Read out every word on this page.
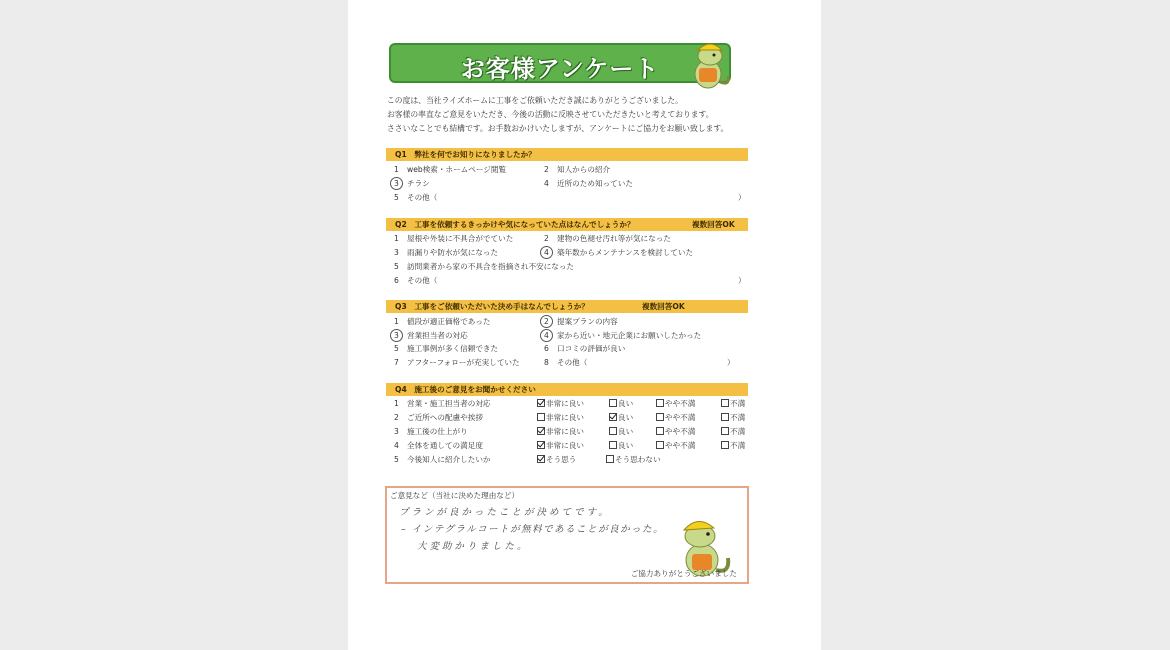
お客様アンケート
この度は、当社ライズホームに工事をご依頼いただき誠にありがとうございました。
お客様の率直なご意見をいただき、今後の活動に反映させていただきたいと考えております。
ささいなことでも結構です。お手数おかけいたしますが、アンケートにご協力をお願い致します。
Q1　弊社を何でお知りになりましたか？
1 web検索・ホームページ閲覧	2 知人からの紹介
3 チラシ	4 近所のため知っていた
5 その他（	）
Q2　工事を依頼するきっかけや気になっていた点はなんでしょうか？	複数回答OK
1 屋根や外装に不具合がでていた	2 建物の色褪せ汚れ等が気になった
3 雨漏りや防水が気になった	4 築年数からメンテナンスを検討していた
5 訪問業者から家の不具合を指摘され不安になった
6 その他（	）
Q3　工事をご依頼いただいた決め手はなんでしょうか？	複数回答OK
1 値段が適正価格であった	2 提案プランの内容
3 営業担当者の対応	4 家から近い・地元企業にお願いしたかった
5 施工事例が多く信頼できた	6 口コミの評価が良い
7 アフターフォローが充実していた	8 その他（	）
Q4　施工後のご意見をお聞かせください
1 営業・施工担当者の対応	非常に良い	良い	やや不満	不満
2 ご近所への配慮や挨拶	非常に良い	良い	やや不満	不満
3 施工後の仕上がり	非常に良い	良い	やや不満	不満
4 全体を通しての満足度	非常に良い	良い	やや不満	不満
5 今後知人に紹介したいか	そう思う	そう思わない
ご意見など（当社に決めた理由など）
プランが良かったことが決めてです。
– インテグラルコートが無料であることが良かった。
大変助かりました。
ご協力ありがとうございました
